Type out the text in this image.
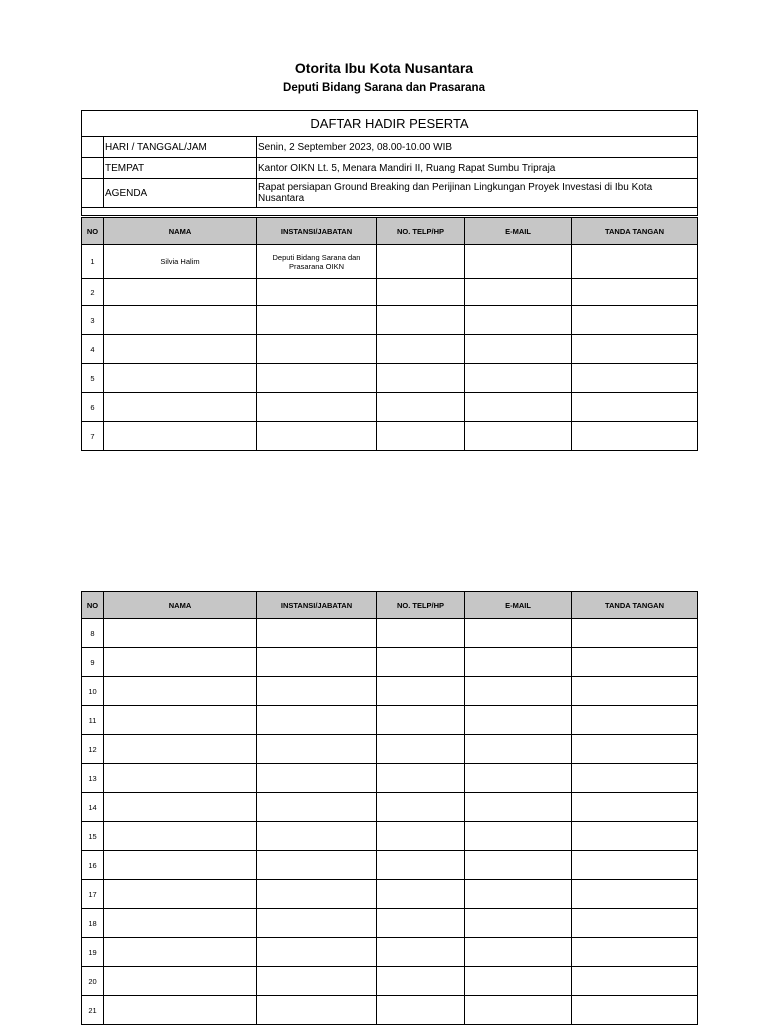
Otorita Ibu Kota Nusantara

Deputi Bidang Sarana dan Prasarana

DAFTAR HADIR PESERTA		
	HARI / TANGGAL/JAM	Senin, 2 September 2023, 08.00-10.00 WIB
	TEMPAT	Kantor OIKN Lt. 5, Menara Mandiri II, Ruang Rapat Sumbu Tripraja
	AGENDA	Rapat persiapan Ground Breaking dan Perijinan Lingkungan Proyek Investasi di Ibu Kota Nusantara

NO	NAMA	INSTANSI/JABATAN	NO. TELP/HP	E-MAIL	TANDA TANGAN
1	Silvia Halim	Deputi Bidang Sarana dan Prasarana OIKN			
2					
3					
4					
5					
6					
7					
NO	NAMA	INSTANSI/JABATAN	NO. TELP/HP	E-MAIL	TANDA TANGAN
8					
9					
10					
11					
12					
13					
14					
15					
16					
17					
18					
19					
20					
21					
